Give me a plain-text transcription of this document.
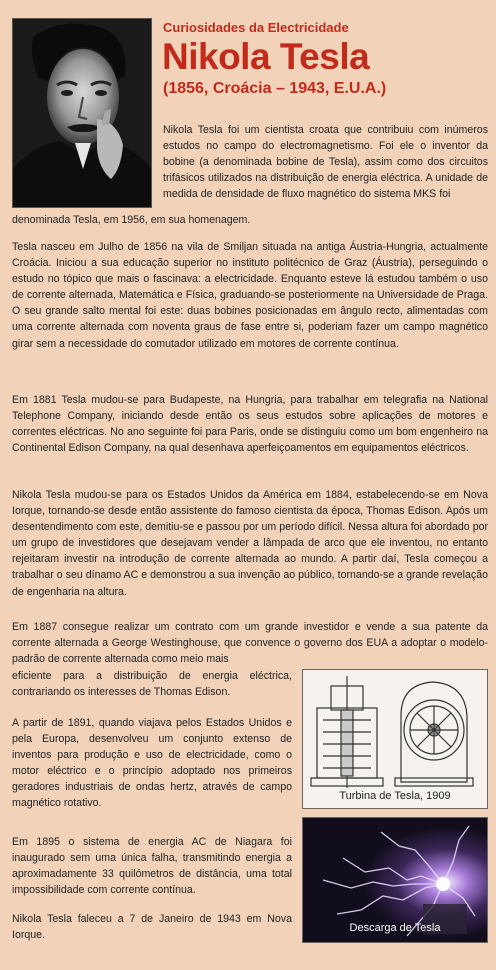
Curiosidades da Electricidade
Nikola Tesla
(1856, Croácia – 1943, E.U.A.)

Nikola Tesla foi um cientista croata que contribuiu com inúmeros estudos no campo do electromagnetismo. Foi ele o inventor da bobine (a denominada bobine de Tesla), assim como dos circuitos trifásicos utilizados na distribuição de energia eléctrica. A unidade de medida de densidade de fluxo magnético do sistema MKS foi

denominada Tesla, em 1956, em sua homenagem.

Tesla nasceu em Julho de 1856 na vila de Smiljan situada na antiga Áustria-Hungria, actualmente Croácia. Iniciou a sua educação superior no instituto politécnico de Graz (Áustria), perseguindo o estudo no tópico que mais o fascinava: a electricidade. Enquanto esteve lá estudou também o uso de corrente alternada, Matemática e Física, graduando-se posteriormente na Universidade de Praga. O seu grande salto mental foi este: duas bobines posicionadas em ângulo recto, alimentadas com uma corrente alternada com noventa graus de fase entre si, poderiam fazer um campo magnético girar sem a necessidade do comutador utilizado em motores de corrente contínua.

Em 1881 Tesla mudou-se para Budapeste, na Hungria, para trabalhar em telegrafia na National Telephone Company, iniciando desde então os seus estudos sobre aplicações de motores e correntes eléctricas. No ano seguinte foi para Paris, onde se distinguiu como um bom engenheiro na Continental Edison Company, na qual desenhava aperfeiçoamentos em equipamentos eléctricos.

Nikola Tesla mudou-se para os Estados Unidos da América em 1884, estabelecendo-se em Nova Iorque, tornando-se desde então assistente do famoso cientista da época, Thomas Edison. Após um desentendimento com este, demitiu-se e passou por um período difícil. Nessa altura foi abordado por um grupo de investidores que desejavam vender a lâmpada de arco que ele inventou, no entanto rejeitaram investir na introdução de corrente alternada ao mundo. A partir daí, Tesla começou a trabalhar o seu dínamo AC e demonstrou a sua invenção ao público, tornando-se a grande revelação de engenharia na altura.

Em 1887 consegue realizar um contrato com um grande investidor e vende a sua patente da corrente alternada a George Westinghouse, que convence o governo dos EUA a adoptar o modelo-padrão de corrente alternada como meio mais

eficiente para a distribuição de energia eléctrica, contrariando os interesses de Thomas Edison.

A partir de 1891, quando viajava pelos Estados Unidos e pela Europa, desenvolveu um conjunto extenso de inventos para produção e uso de electricidade, como o motor eléctrico e o princípio adoptado nos primeiros geradores industriais de ondas hertz, através de campo magnético rotativo.

Em 1895 o sistema de energia AC de Niagara foi inaugurado sem uma única falha, transmitindo energia a aproximadamente 33 quilómetros de distância, uma total impossibilidade com corrente contínua.

Nikola Tesla faleceu a 7 de Janeiro de 1943 em Nova Iorque.

Turbina de Tesla, 1909
Descarga de Tesla
